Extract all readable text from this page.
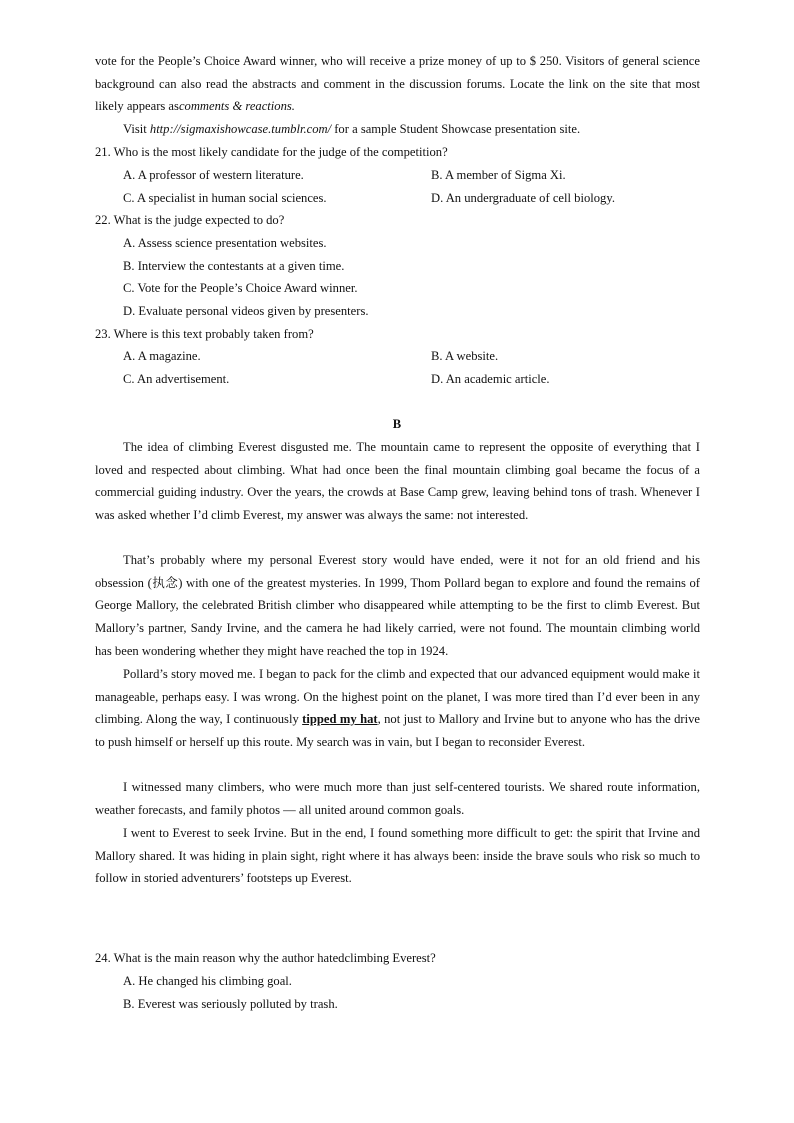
vote for the People’s Choice Award winner, who will receive a prize money of up to $ 250. Visitors of general science background can also read the abstracts and comment in the discussion forums. Locate the link on the site that most likely appears ascomments & reactions.

Visit http://sigmaxishowcase.tumblr.com/ for a sample Student Showcase presentation site.

21. Who is the most likely candidate for the judge of the competition?

A. A professor of western literature.	B. A member of Sigma Xi.

C. A specialist in human social sciences.	D. An undergraduate of cell biology.

22. What is the judge expected to do?

A. Assess science presentation websites.

B. Interview the contestants at a given time.

C. Vote for the People’s Choice Award winner.

D. Evaluate personal videos given by presenters.

23. Where is this text probably taken from?

A. A magazine.	B. A website.

C. An advertisement.	D. An academic article.

B

The idea of climbing Everest disgusted me. The mountain came to represent the opposite of everything that I loved and respected about climbing. What had once been the final mountain climbing goal became the focus of a commercial guiding industry. Over the years, the crowds at Base Camp grew, leaving behind tons of trash. Whenever I was asked whether I’d climb Everest, my answer was always the same: not interested.

That’s probably where my personal Everest story would have ended, were it not for an old friend and his obsession (执念) with one of the greatest mysteries. In 1999, Thom Pollard began to explore and found the remains of George Mallory, the celebrated British climber who disappeared while attempting to be the first to climb Everest. But Mallory’s partner, Sandy Irvine, and the camera he had likely carried, were not found. The mountain climbing world has been wondering whether they might have reached the top in 1924.

Pollard’s story moved me. I began to pack for the climb and expected that our advanced equipment would make it manageable, perhaps easy. I was wrong. On the highest point on the planet, I was more tired than I’d ever been in any climbing. Along the way, I continuously tipped my hat, not just to Mallory and Irvine but to anyone who has the drive to push himself or herself up this route. My search was in vain, but I began to reconsider Everest.

I witnessed many climbers, who were much more than just self-centered tourists. We shared route information, weather forecasts, and family photos — all united around common goals.

I went to Everest to seek Irvine. But in the end, I found something more difficult to get: the spirit that Irvine and Mallory shared. It was hiding in plain sight, right where it has always been: inside the brave souls who risk so much to follow in storied adventurers’ footsteps up Everest.

24. What is the main reason why the author hatedclimbing Everest?

A. He changed his climbing goal.

B. Everest was seriously polluted by trash.
